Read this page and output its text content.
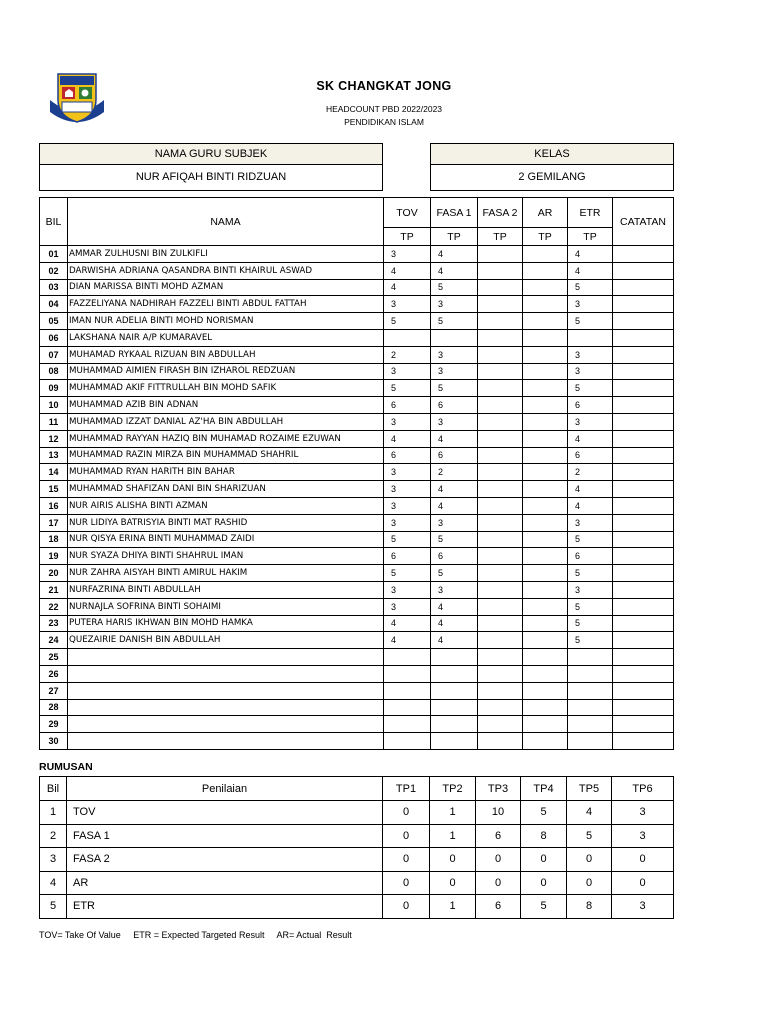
SK CHANGKAT JONG
HEADCOUNT PBD 2022/2023
PENDIDIKAN ISLAM
NAMA GURU SUBJEK
NUR AFIQAH BINTI RIDZUAN
KELAS
2 GEMILANG
BIL	NAMA	TOV	FASA 1	FASA 2	AR	ETR	CATATAN
		TP	TP	TP	TP	TP	
01	AMMAR ZULHUSNI BIN ZULKIFLI	3	4			4	
02	DARWISHA ADRIANA QASANDRA BINTI KHAIRUL ASWAD	4	4			4	
03	DIAN MARISSA BINTI MOHD AZMAN	4	5			5	
04	FAZZELIYANA NADHIRAH FAZZELI BINTI ABDUL FATTAH	3	3			3	
05	IMAN NUR ADELIA BINTI MOHD NORISMAN	5	5			5	
06	LAKSHANA NAIR A/P KUMARAVEL						
07	MUHAMAD RYKAAL RIZUAN BIN ABDULLAH	2	3			3	
08	MUHAMMAD AIMIEN FIRASH BIN IZHAROL REDZUAN	3	3			3	
09	MUHAMMAD AKIF FITTRULLAH BIN MOHD SAFIK	5	5			5	
10	MUHAMMAD AZIB BIN ADNAN	6	6			6	
11	MUHAMMAD IZZAT DANIAL AZ'HA BIN ABDULLAH	3	3			3	
12	MUHAMMAD RAYYAN HAZIQ BIN MUHAMAD ROZAIME EZUWAN	4	4			4	
13	MUHAMMAD RAZIN MIRZA BIN MUHAMMAD SHAHRIL	6	6			6	
14	MUHAMMAD RYAN HARITH BIN BAHAR	3	2			2	
15	MUHAMMAD SHAFIZAN DANI BIN SHARIZUAN	3	4			4	
16	NUR AIRIS ALISHA BINTI AZMAN	3	4			4	
17	NUR LIDIYA BATRISYIA BINTI MAT RASHID	3	3			3	
18	NUR QISYA ERINA BINTI MUHAMMAD ZAIDI	5	5			5	
19	NUR SYAZA DHIYA BINTI SHAHRUL IMAN	6	6			6	
20	NUR ZAHRA AISYAH BINTI AMIRUL HAKIM	5	5			5	
21	NURFAZRINA BINTI ABDULLAH	3	3			3	
22	NURNAJLA SOFRINA BINTI SOHAIMI	3	4			5	
23	PUTERA HARIS IKHWAN BIN MOHD HAMKA	4	4			5	
24	QUEZAIRIE DANISH BIN ABDULLAH	4	4			5	
25							
26							
27							
28							
29							
30							
RUMUSAN
Bil	Penilaian	TP1	TP2	TP3	TP4	TP5	TP6
1	TOV	0	1	10	5	4	3
2	FASA 1	0	1	6	8	5	3
3	FASA 2	0	0	0	0	0	0
4	AR	0	0	0	0	0	0
5	ETR	0	1	6	5	8	3
TOV= Take Of Value     ETR = Expected Targeted Result     AR= Actual  Result
